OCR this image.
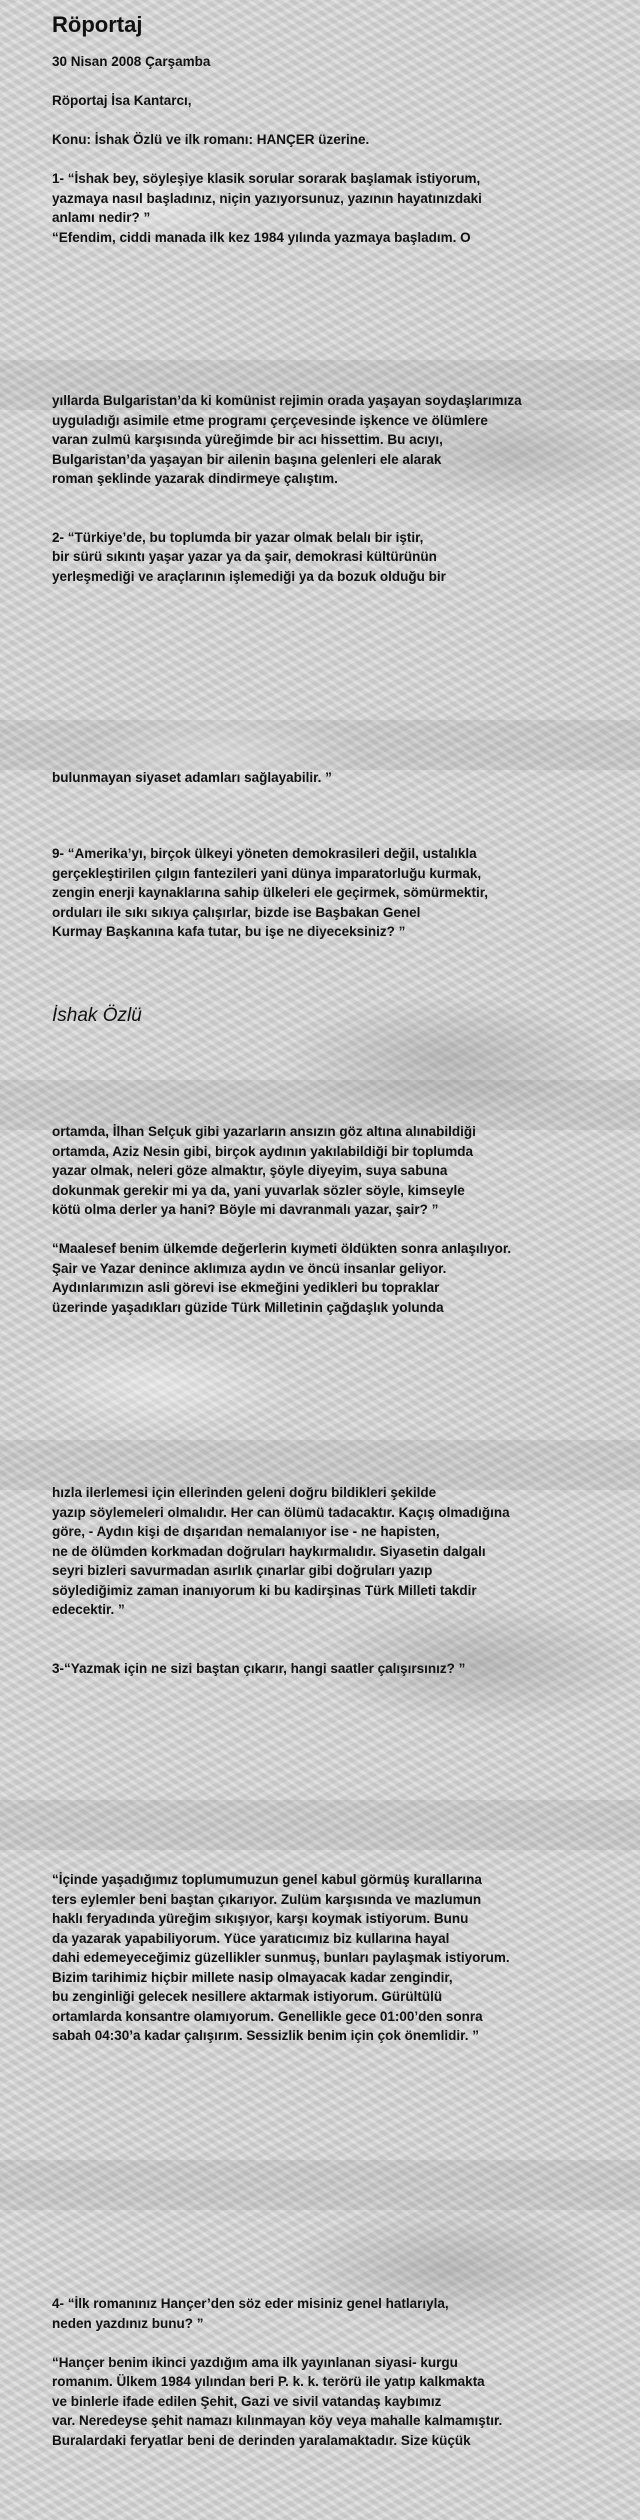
Röportaj

30 Nisan 2008 Çarşamba

Röportaj İsa Kantarcı,

Konu: İshak Özlü ve ilk romanı: HANÇER üzerine.

1- “İshak bey, söyleşiye klasik sorular sorarak başlamak istiyorum,

yazmaya nasıl başladınız, niçin yazıyorsunuz, yazının hayatınızdaki

anlamı nedir? ”

“Efendim, ciddi manada ilk kez 1984 yılında yazmaya başladım. O

yıllarda Bulgaristan’da ki komünist rejimin orada yaşayan soydaşlarımıza

uyguladığı asimile etme programı çerçevesinde işkence ve ölümlere

varan zulmü karşısında yüreğimde bir acı hissettim. Bu acıyı,

Bulgaristan’da yaşayan bir ailenin başına gelenleri ele alarak

roman şeklinde yazarak dindirmeye çalıştım.

2- “Türkiye’de, bu toplumda bir yazar olmak belalı bir iştir,

bir sürü sıkıntı yaşar yazar ya da şair, demokrasi kültürünün

yerleşmediği ve araçlarının işlemediği ya da bozuk olduğu bir

bulunmayan siyaset adamları sağlayabilir. ”

9- “Amerika’yı, birçok ülkeyi yöneten demokrasileri değil, ustalıkla

gerçekleştirilen çılgın fantezileri yani dünya imparatorluğu kurmak,

zengin enerji kaynaklarına sahip ülkeleri ele geçirmek, sömürmektir,

orduları ile sıkı sıkıya çalışırlar, bizde ise Başbakan Genel

Kurmay Başkanına kafa tutar, bu işe ne diyeceksiniz? ”

İshak Özlü

ortamda, İlhan Selçuk gibi yazarların ansızın göz altına alınabildiği

ortamda, Aziz Nesin gibi, birçok aydının yakılabildiği bir toplumda

yazar olmak, neleri göze almaktır, şöyle diyeyim, suya sabuna

dokunmak gerekir mi ya da, yani yuvarlak sözler söyle, kimseyle

kötü olma derler ya hani? Böyle mi davranmalı yazar, şair? ”

“Maalesef benim ülkemde değerlerin kıymeti öldükten sonra anlaşılıyor.

Şair ve Yazar denince aklımıza aydın ve öncü insanlar geliyor.

Aydınlarımızın asli görevi ise ekmeğini yedikleri bu topraklar

üzerinde yaşadıkları güzide Türk Milletinin çağdaşlık yolunda

hızla ilerlemesi için ellerinden geleni doğru bildikleri şekilde

yazıp söylemeleri olmalıdır. Her can ölümü tadacaktır. Kaçış olmadığına

göre, - Aydın kişi de dışarıdan nemalanıyor ise - ne hapisten,

ne de ölümden korkmadan doğruları haykırmalıdır. Siyasetin dalgalı

seyri bizleri savurmadan asırlık çınarlar gibi doğruları yazıp

söylediğimiz zaman inanıyorum ki bu kadirşinas Türk Milleti takdir

edecektir. ”

3-“Yazmak için ne sizi baştan çıkarır, hangi saatler çalışırsınız? ”

“İçinde yaşadığımız toplumumuzun genel kabul görmüş kurallarına

ters eylemler beni baştan çıkarıyor. Zulüm karşısında ve mazlumun

haklı feryadında yüreğim sıkışıyor, karşı koymak istiyorum. Bunu

da yazarak yapabiliyorum. Yüce yaratıcımız biz kullarına hayal

dahi edemeyeceğimiz güzellikler sunmuş, bunları paylaşmak istiyorum.

Bizim tarihimiz hiçbir millete nasip olmayacak kadar zengindir,

bu zenginliği gelecek nesillere aktarmak istiyorum. Gürültülü

ortamlarda konsantre olamıyorum. Genellikle gece 01:00’den sonra

sabah 04:30’a kadar çalışırım. Sessizlik benim için çok önemlidir. ”

4- “İlk romanınız Hançer’den söz eder misiniz genel hatlarıyla,

neden yazdınız bunu? ”

“Hançer benim ikinci yazdığım ama ilk yayınlanan siyasi- kurgu

romanım. Ülkem 1984 yılından beri P. k. k. terörü ile yatıp kalkmakta

ve binlerle ifade edilen Şehit, Gazi ve sivil vatandaş kaybımız

var. Neredeyse şehit namazı kılınmayan köy veya mahalle kalmamıştır.

Buralardaki feryatlar beni de derinden yaralamaktadır. Size küçük
